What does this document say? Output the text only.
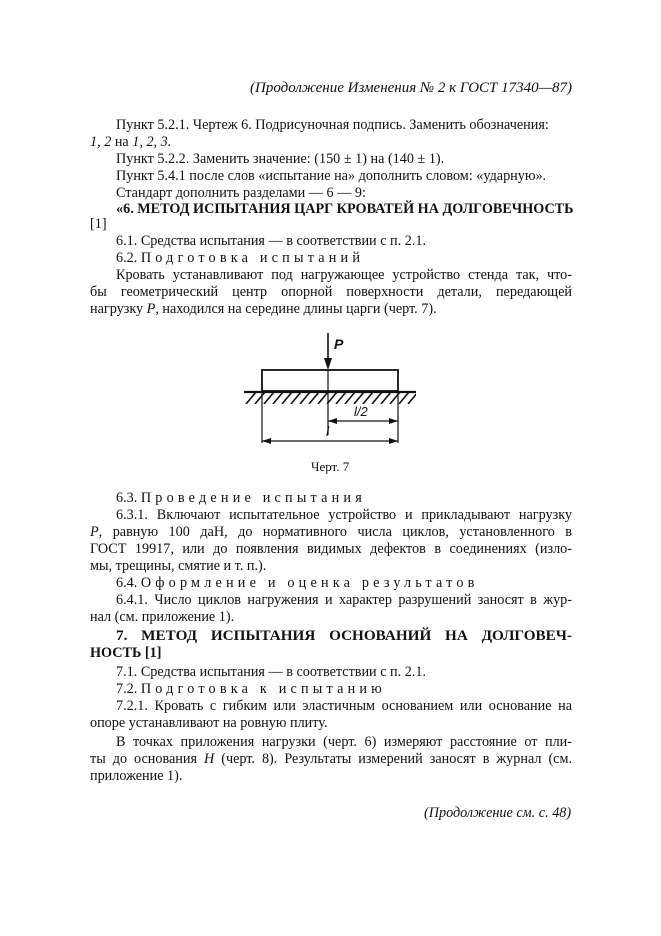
(Продолжение Изменения № 2 к ГОСТ 17340—87)
Пункт 5.2.1. Чертеж 6. Подрисуночная подпись. Заменить обозначения:
1, 2 на 1, 2, 3.
Пункт 5.2.2. Заменить значение: (150 ± 1) на (140 ± 1).
Пункт 5.4.1 после слов «испытание на» дополнить словом: «ударную».
Стандарт дополнить разделами — 6 — 9:
«6. МЕТОД ИСПЫТАНИЯ ЦАРГ КРОВАТЕЙ НА ДОЛГОВЕЧНОСТЬ
[1]
6.1. Средства испытания — в соответствии с п. 2.1.
6.2. Подготовка испытаний
Кровать устанавливают под нагружающее устройство стенда так, что-
бы геометрический центр опорной поверхности детали, передающей
нагрузку P, находился на середине длины царги (черт. 7).
P
l/2
l
Черт. 7
6.3. Проведение испытания
6.3.1. Включают испытательное устройство и прикладывают нагрузку
P, равную 100 даН, до нормативного числа циклов, установленного в
ГОСТ 19917, или до появления видимых дефектов в соединениях (изло-
мы, трещины, смятие и т. п.).
6.4. Оформление и оценка результатов
6.4.1. Число циклов нагружения и характер разрушений заносят в жур-
нал (см. приложение 1).
7. МЕТОД ИСПЫТАНИЯ ОСНОВАНИЙ НА ДОЛГОВЕЧ-
НОСТЬ [1]
7.1. Средства испытания — в соответствии с п. 2.1.
7.2. Подготовка к испытанию
7.2.1. Кровать с гибким или эластичным основанием или основание на
опоре устанавливают на ровную плиту.
В точках приложения нагрузки (черт. 6) измеряют расстояние от пли-
ты до основания H (черт. 8). Результаты измерений заносят в журнал (см.
приложение 1).
(Продолжение см. с. 48)
